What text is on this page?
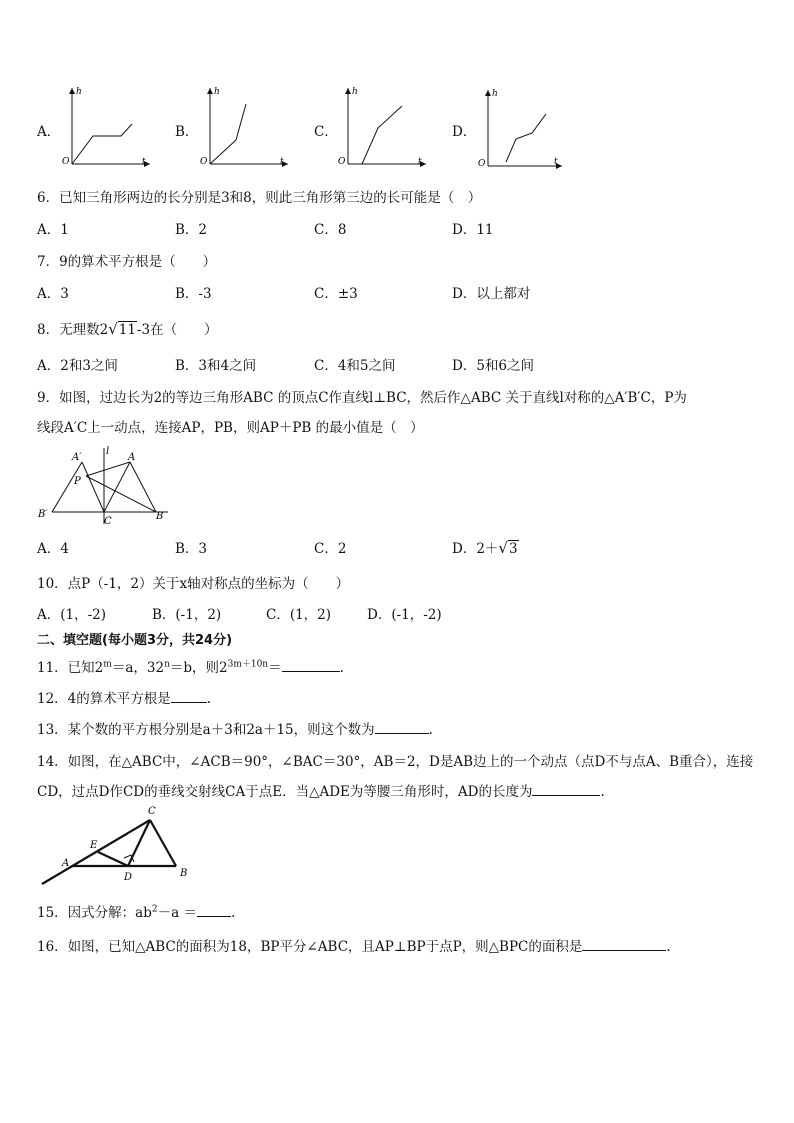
A．
h
t
O
B．
h
t
O
C．
h
t
O
D．
h
t
O
6．已知三角形两边的长分别是3和8，则此三角形第三边的长可能是（　）
A．1	B．2	C．8	D．11
7．9的算术平方根是（　　）
A．3	B．-3	C．±3	D．以上都对
8．无理数2√11-3在（　　）
A．2和3之间	B．3和4之间	C．4和5之间	D．5和6之间
9．如图，过边长为2的等边三角形ABC 的顶点C作直线l⊥BC，然后作△ABC 关于直线l对称的△A′B′C，P为
线段A′C上一动点，连接AP，PB，则AP＋PB 的最小值是（　）
A′
l
A
P
B′
C	B
A．4	B．3	C．2	D．2＋√3
10．点P（-1，2）关于x轴对称点的坐标为（　　）
A．(1，-2)	B．(-1，2)	C．(1，2)	D．(-1，-2)
二、填空题(每小题3分，共24分)
11．已知$2^m=a$，$32^n=b$，则$2^{3m+10n}=$	.
12．4的算术平方根是	.
13．某个数的平方根分别是a＋3和2a＋15，则这个数为	.
14．如图，在△ABC中，∠ACB＝90°，∠BAC＝30°，AB＝2，D是AB边上的一个动点（点D不与点A、B重合），连接
CD，过点D作CD的垂线交射线CA于点E．当△ADE为等腰三角形时，AD的长度为	.
C
E
A
D	B
15．因式分解：$ab^2-a$ ＝	.
16．如图，已知△ABC的面积为18，BP平分∠ABC，且AP⊥BP于点P，则△BPC的面积是	.
